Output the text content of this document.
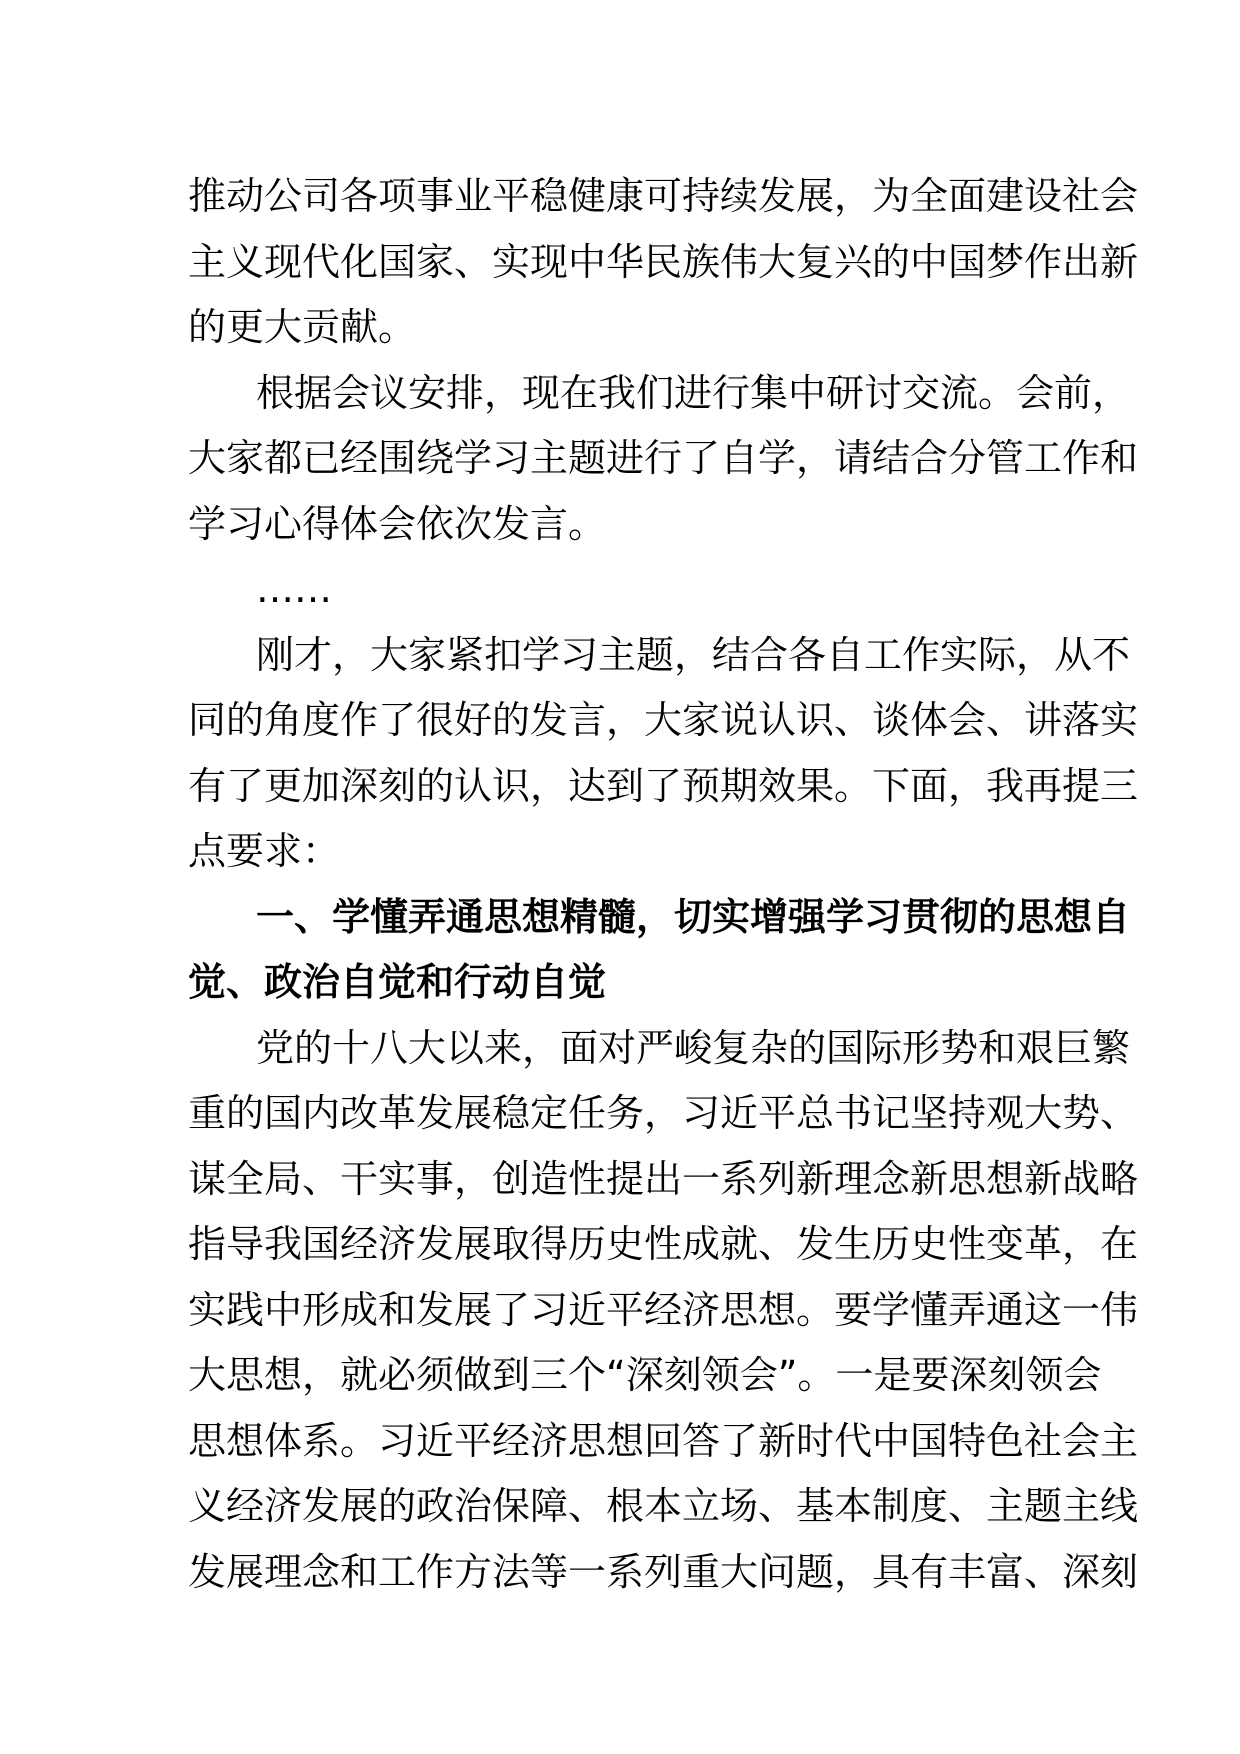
推动公司各项事业平稳健康可持续发展，为全面建设社会
主义现代化国家、实现中华民族伟大复兴的中国梦作出新
的更大贡献。
根据会议安排，现在我们进行集中研讨交流。会前，
大家都已经围绕学习主题进行了自学，请结合分管工作和
学习心得体会依次发言。
……
刚才，大家紧扣学习主题，结合各自工作实际，从不
同的角度作了很好的发言，大家说认识、谈体会、讲落实
有了更加深刻的认识，达到了预期效果。下面，我再提三
点要求：
一、学懂弄通思想精髓，切实增强学习贯彻的思想自
觉、政治自觉和行动自觉
党的十八大以来，面对严峻复杂的国际形势和艰巨繁
重的国内改革发展稳定任务，习近平总书记坚持观大势、
谋全局、干实事，创造性提出一系列新理念新思想新战略
指导我国经济发展取得历史性成就、发生历史性变革，在
实践中形成和发展了习近平经济思想。要学懂弄通这一伟
大思想，就必须做到三个“深刻领会”。一是要深刻领会
思想体系。习近平经济思想回答了新时代中国特色社会主
义经济发展的政治保障、根本立场、基本制度、主题主线
发展理念和工作方法等一系列重大问题，具有丰富、深刻
